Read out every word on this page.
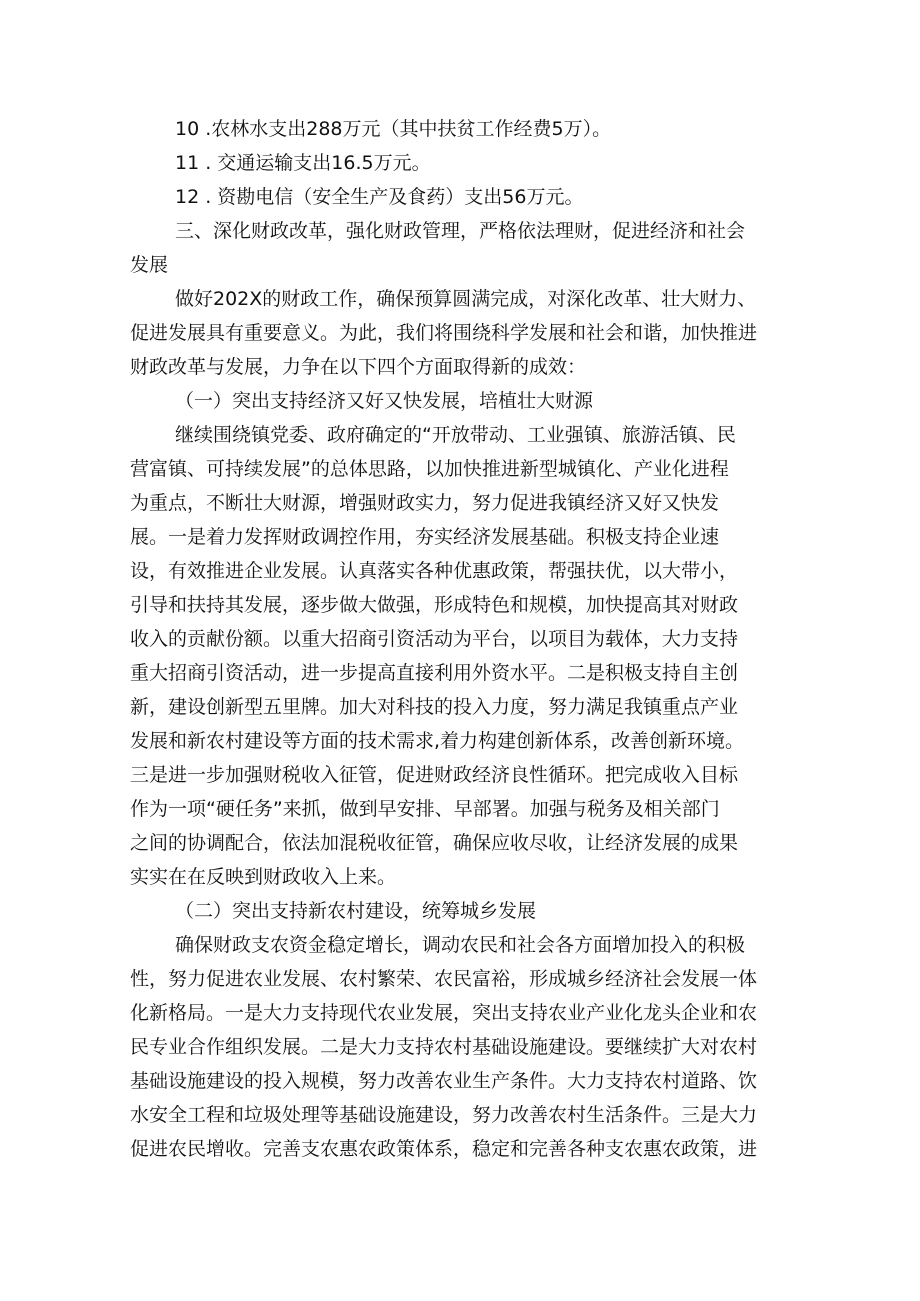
10 .农林水支出288万元（其中扶贫工作经费5万）。
11 . 交通运输支出16.5万元。
12 . 资勘电信（安全生产及食药）支出56万元。
三、深化财政改革，强化财政管理，严格依法理财，促进经济和社会
发展
做好202X的财政工作，确保预算圆满完成，对深化改革、壮大财力、
促进发展具有重要意义。为此，我们将围绕科学发展和社会和谐，加快推进
财政改革与发展，力争在以下四个方面取得新的成效：
（一）突出支持经济又好又快发展，培植壮大财源
继续围绕镇党委、政府确定的“开放带动、工业强镇、旅游活镇、民
营富镇、可持续发展”的总体思路，以加快推进新型城镇化、产业化进程
为重点，不断壮大财源，增强财政实力，努力促进我镇经济又好又快发
展。一是着力发挥财政调控作用，夯实经济发展基础。积极支持企业速
设，有效推进企业发展。认真落实各种优惠政策，帮强扶优，以大带小，
引导和扶持其发展，逐步做大做强，形成特色和规模，加快提高其对财政
收入的贡献份额。以重大招商引资活动为平台，以项目为载体，大力支持
重大招商引资活动，进一步提高直接利用外资水平。二是积极支持自主创
新，建设创新型五里牌。加大对科技的投入力度，努力满足我镇重点产业
发展和新农村建设等方面的技术需求,着力构建创新体系，改善创新环境。
三是进一步加强财税收入征管，促进财政经济良性循环。把完成收入目标
作为一项“硬任务”来抓，做到早安排、早部署。加强与税务及相关部门
之间的协调配合，依法加混税收征管，确保应收尽收，让经济发展的成果
实实在在反映到财政收入上来。
（二）突出支持新农村建设，统筹城乡发展
确保财政支农资金稳定增长，调动农民和社会各方面增加投入的积极
性，努力促进农业发展、农村繁荣、农民富裕，形成城乡经济社会发展一体
化新格局。一是大力支持现代农业发展，突出支持农业产业化龙头企业和农
民专业合作组织发展。二是大力支持农村基础设施建设。要继续扩大对农村
基础设施建设的投入规模，努力改善农业生产条件。大力支持农村道路、饮
水安全工程和垃圾处理等基础设施建设，努力改善农村生活条件。三是大力
促进农民增收。完善支农惠农政策体系，稳定和完善各种支农惠农政策，进
